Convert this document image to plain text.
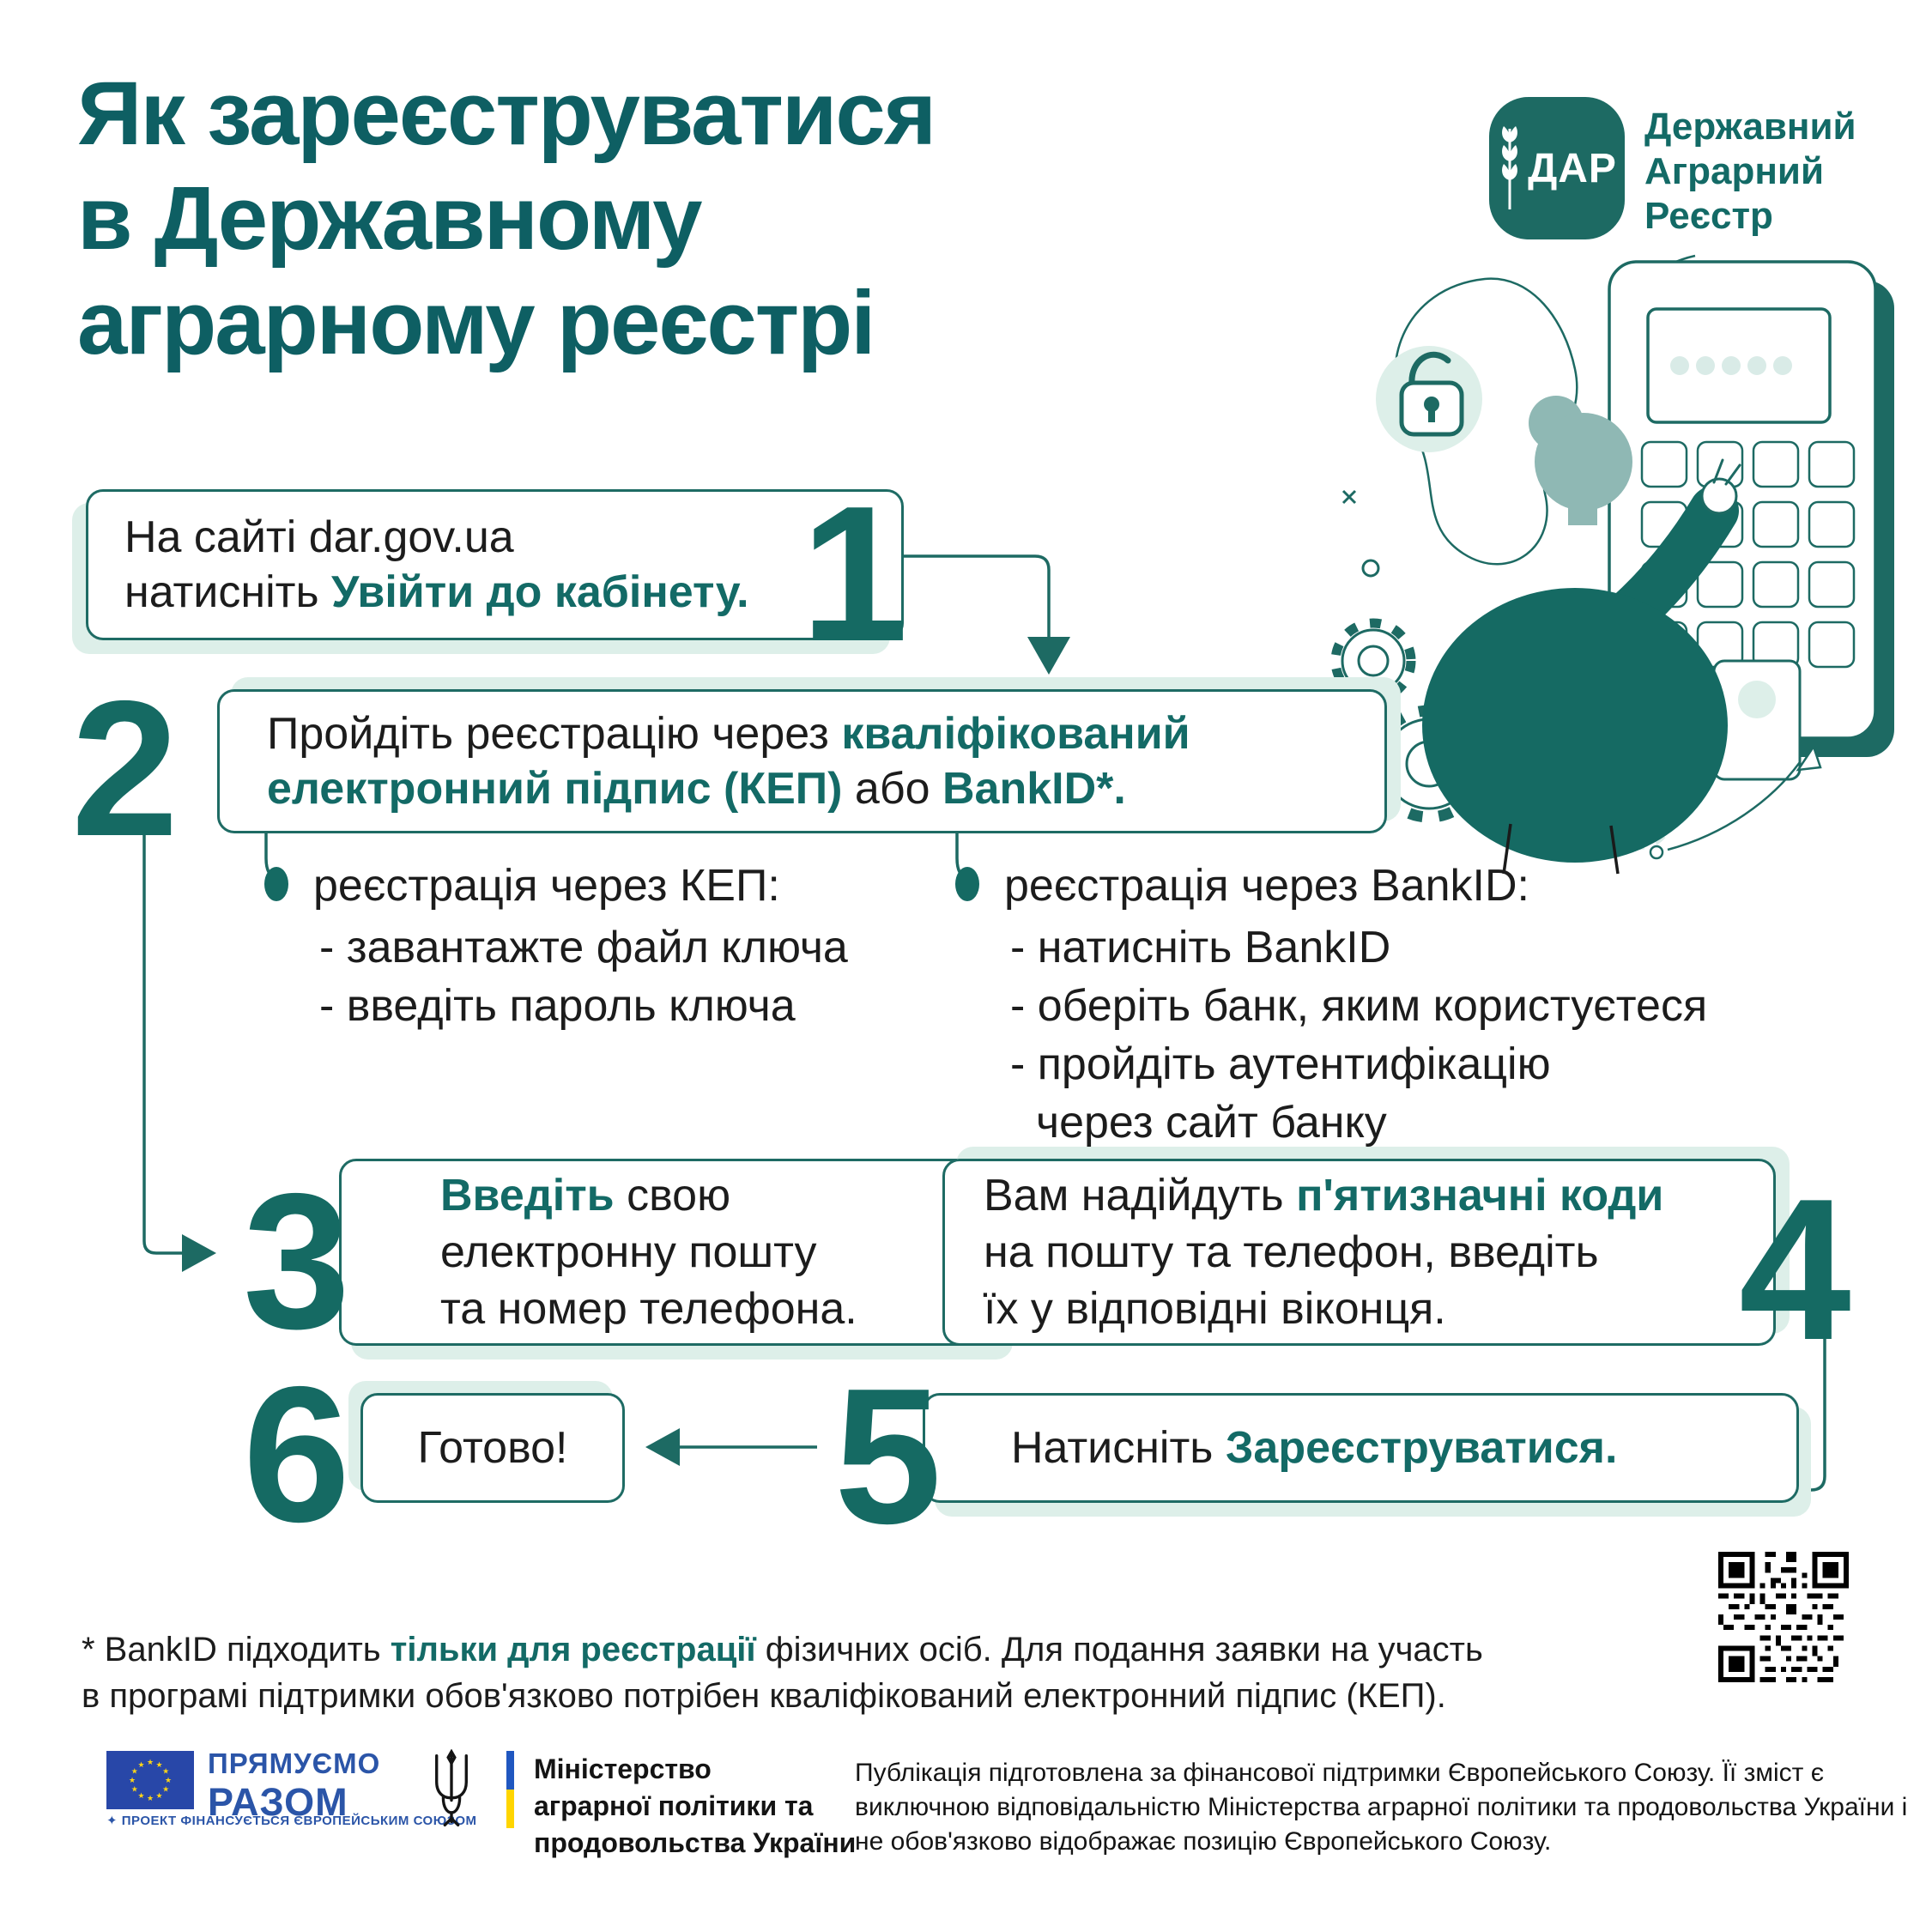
Як зареєструватися
в Державному
аграрному реєстрі
ДАР
Державний
Аграрний
Реєстр
На сайті dar.gov.ua
натисніть Увійти до кабінету. 1
2 Пройдіть реєстрацію через кваліфікований
електронний підпис (КЕП) або BankID*.
реєстрація через КЕП:
- завантажте файл ключа
- введіть пароль ключа
реєстрація через BankID:
- натисніть BankID
- оберіть банк, яким користуєтеся
- пройдіть аутентифікацію через сайт банку
3 Введіть свою
електронну пошту
та номер телефона.
Вам надійдуть п'ятизначні коди
на пошту та телефон, введіть
їх у відповідні віконця.	4
5 Натисніть Зареєструватися.
6 Готово!
* BankID підходить тільки для реєстрації фізичних осіб. Для подання заявки на участь
в програмі підтримки обов'язково потрібен кваліфікований електронний підпис (КЕП).
★ ★
★
★
★
★
★
★
★
★
★
★ ПРЯМУЄМО
РАЗОМ
✦ ПРОЕКТ ФІНАНСУЄТЬСЯ ЄВРОПЕЙСЬКИМ СОЮЗОМ
Міністерство
аграрної політики та
продовольства України
Публікація підготовлена за фінансової підтримки Європейського Союзу. Її зміст є виключною відповідальністю Міністерства аграрної політики та продовольства України і не обов'язково відображає позицію Європейського Союзу.
